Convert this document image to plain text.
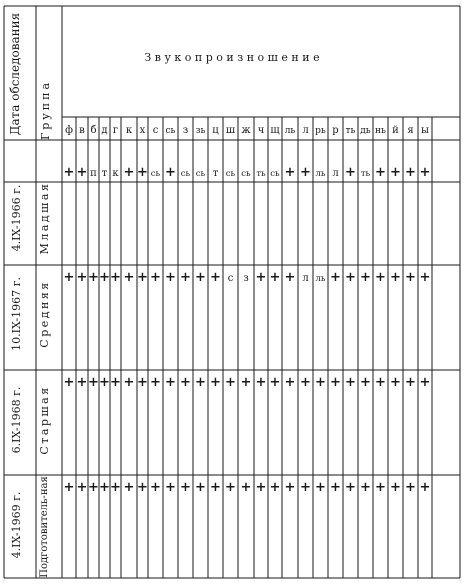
Дата обследования Группа
З в у к о п р о и з н о ш е н и е
ф в б д г к х с сь з зь ц ш ж ч щ ль л рь р ть дь нь й я ы
4.IX-1966 г. Младшая
10.IX-1967 г. Средняя
6.IX-1968 г. Старшая
4.IX-1969 г. Подготовитель-ная
+ + п т к + + сь + сь сь т сь сь ть сь + + ль л + ть + + + +
+ + + + + + + + + + + + с з + + + л ль + + + + + + +
+ + + + + + + + + + + + + + + + + + + + + + + + + +
+ + + + + + + + + + + + + + + + + + + + + + + + + +
